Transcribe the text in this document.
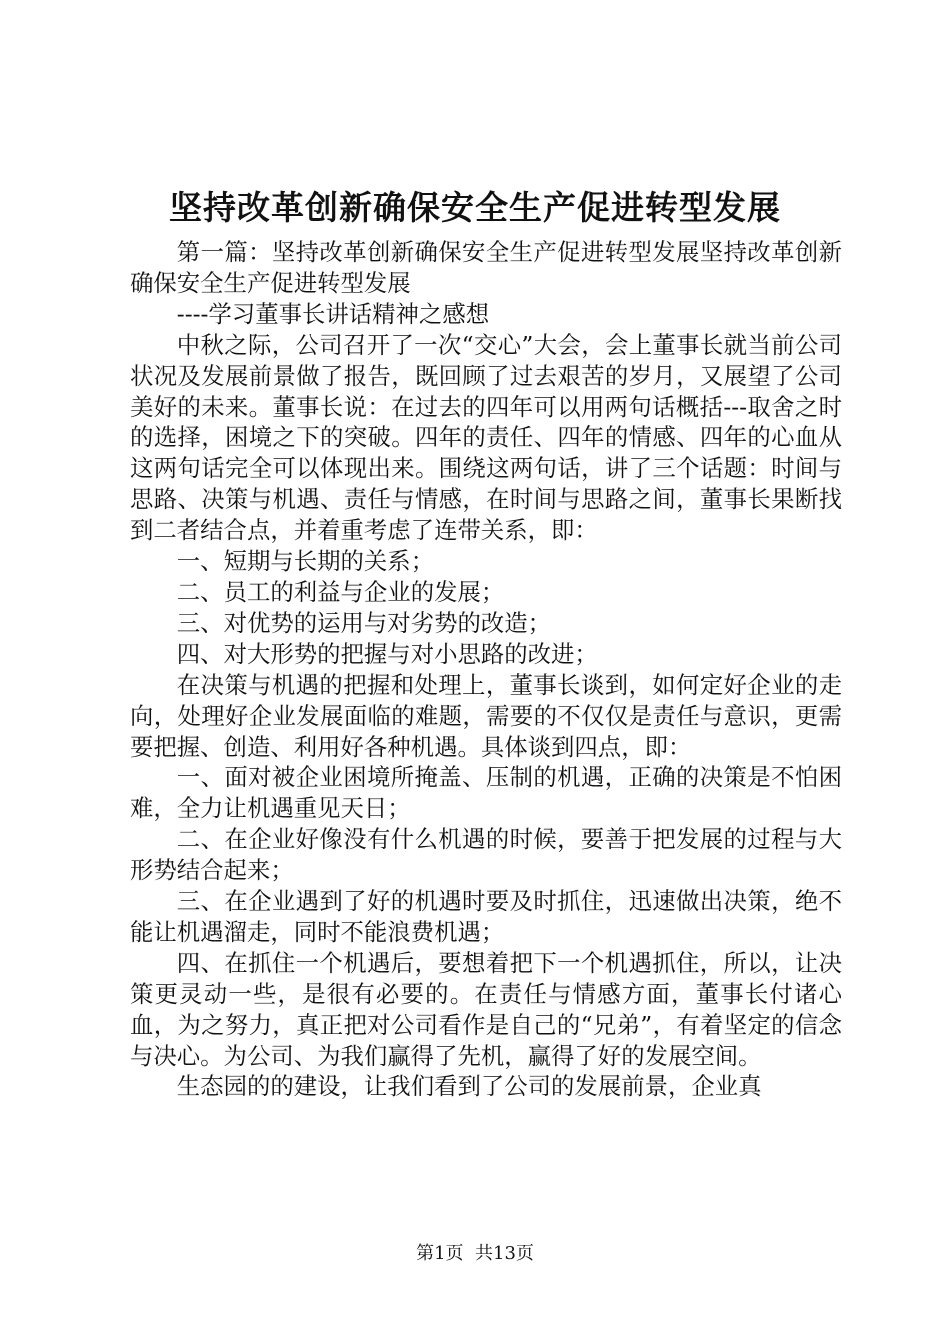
坚持改革创新确保安全生产促进转型发展

第一篇：坚持改革创新确保安全生产促进转型发展坚持改革创新确保安全生产促进转型发展

----学习董事长讲话精神之感想

中秋之际，公司召开了一次“交心”大会，会上董事长就当前公司状况及发展前景做了报告，既回顾了过去艰苦的岁月，又展望了公司美好的未来。董事长说：在过去的四年可以用两句话概括---取舍之时的选择，困境之下的突破。四年的责任、四年的情感、四年的心血从这两句话完全可以体现出来。围绕这两句话，讲了三个话题：时间与思路、决策与机遇、责任与情感，在时间与思路之间，董事长果断找到二者结合点，并着重考虑了连带关系，即：

一、短期与长期的关系；

二、员工的利益与企业的发展；

三、对优势的运用与对劣势的改造；

四、对大形势的把握与对小思路的改进；

在决策与机遇的把握和处理上，董事长谈到，如何定好企业的走向，处理好企业发展面临的难题，需要的不仅仅是责任与意识，更需要把握、创造、利用好各种机遇。具体谈到四点，即：

一、面对被企业困境所掩盖、压制的机遇，正确的决策是不怕困难，全力让机遇重见天日；

二、在企业好像没有什么机遇的时候，要善于把发展的过程与大形势结合起来；

三、在企业遇到了好的机遇时要及时抓住，迅速做出决策，绝不能让机遇溜走，同时不能浪费机遇；

四、在抓住一个机遇后，要想着把下一个机遇抓住，所以，让决策更灵动一些，是很有必要的。在责任与情感方面，董事长付诸心血，为之努力，真正把对公司看作是自己的“兄弟”，有着坚定的信念与决心。为公司、为我们赢得了先机，赢得了好的发展空间。

生态园的的建设，让我们看到了公司的发展前景，企业真

第1页  共13页
